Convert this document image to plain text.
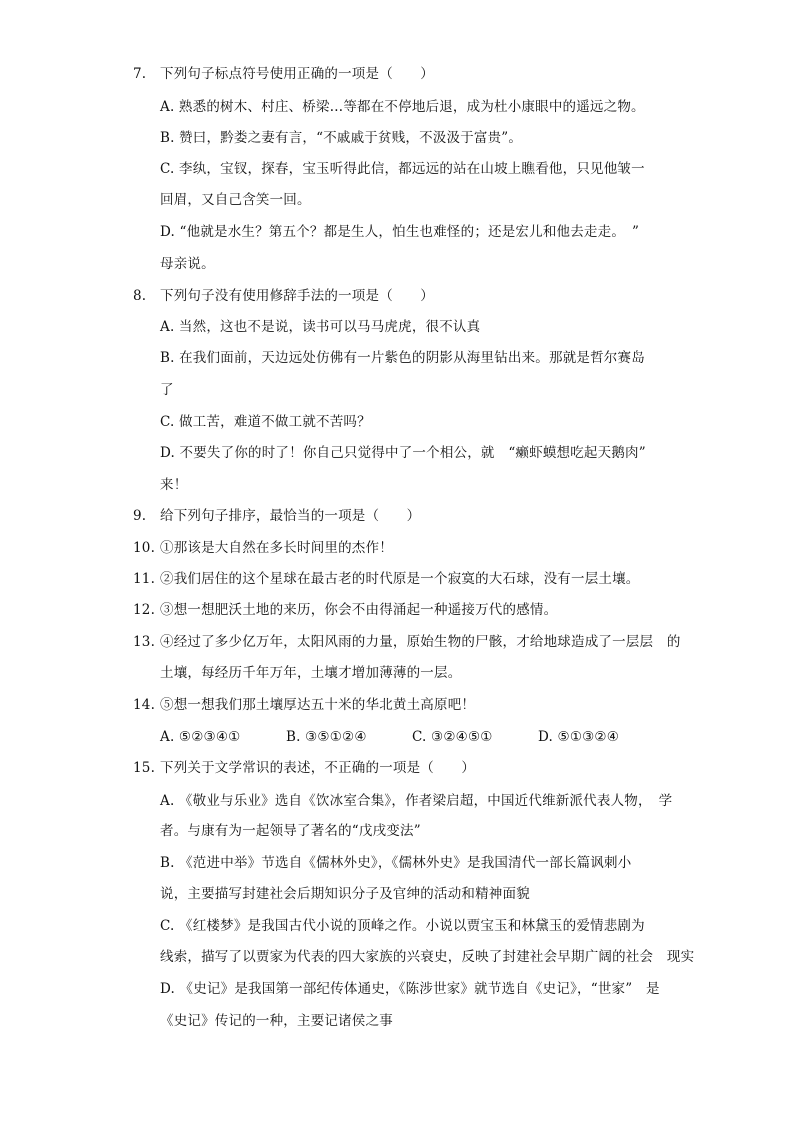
7. 下列句子标点符号使用正确的一项是（　　）
A. 熟悉的树木、村庄、桥梁…等都在不停地后退，成为杜小康眼中的遥远之物。
B. 赞曰，黔娄之妻有言，“不戚戚于贫贱，不汲汲于富贵”。
C. 李纨，宝钗，探春，宝玉听得此信，都远远的站在山坡上瞧看他，只见他皱一
回眉，又自己含笑一回。
D. “他就是水生？第五个？都是生人，怕生也难怪的；还是宏儿和他去走走。　”
母亲说。
8. 下列句子没有使用修辞手法的一项是（　　）
A. 当然，这也不是说，读书可以马马虎虎，很不认真
B. 在我们面前，天边远处仿佛有一片紫色的阴影从海里钻出来。那就是哲尔赛岛
了
C. 做工苦，难道不做工就不苦吗？
D. 不要失了你的时了！你自己只觉得中了一个相公，就　“癞虾蟆想吃起天鹅肉”
来！
9. 给下列句子排序，最恰当的一项是（　　）
10. ①那该是大自然在多长时间里的杰作！
11. ②我们居住的这个星球在最古老的时代原是一个寂寞的大石球，没有一层土壤。
12. ③想一想肥沃土地的来历，你会不由得涌起一种遥接万代的感情。
13. ④经过了多少亿万年，太阳风雨的力量，原始生物的尸骸，才给地球造成了一层层　的
土壤，每经历千年万年，土壤才增加薄薄的一层。
14. ⑤想一想我们那土壤厚达五十米的华北黄土高原吧！
A. ⑤②③④①	B. ③⑤①②④	C. ③②④⑤①	D. ⑤①③②④
15. 下列关于文学常识的表述，不正确的一项是（　　）
A. 《敬业与乐业》选自《饮冰室合集》，作者梁启超，中国近代维新派代表人物，　学
者。与康有为一起领导了著名的“戊戌变法”
B. 《范进中举》节选自《儒林外史》，《儒林外史》是我国清代一部长篇讽刺小
说，主要描写封建社会后期知识分子及官绅的活动和精神面貌
C. 《红楼梦》是我国古代小说的顶峰之作。小说以贾宝玉和林黛玉的爱情悲剧为
线索，描写了以贾家为代表的四大家族的兴衰史，反映了封建社会早期广阔的社会　现实
D. 《史记》是我国第一部纪传体通史，《陈涉世家》就节选自《史记》，“世家”　是
《史记》传记的一种，主要记诸侯之事
